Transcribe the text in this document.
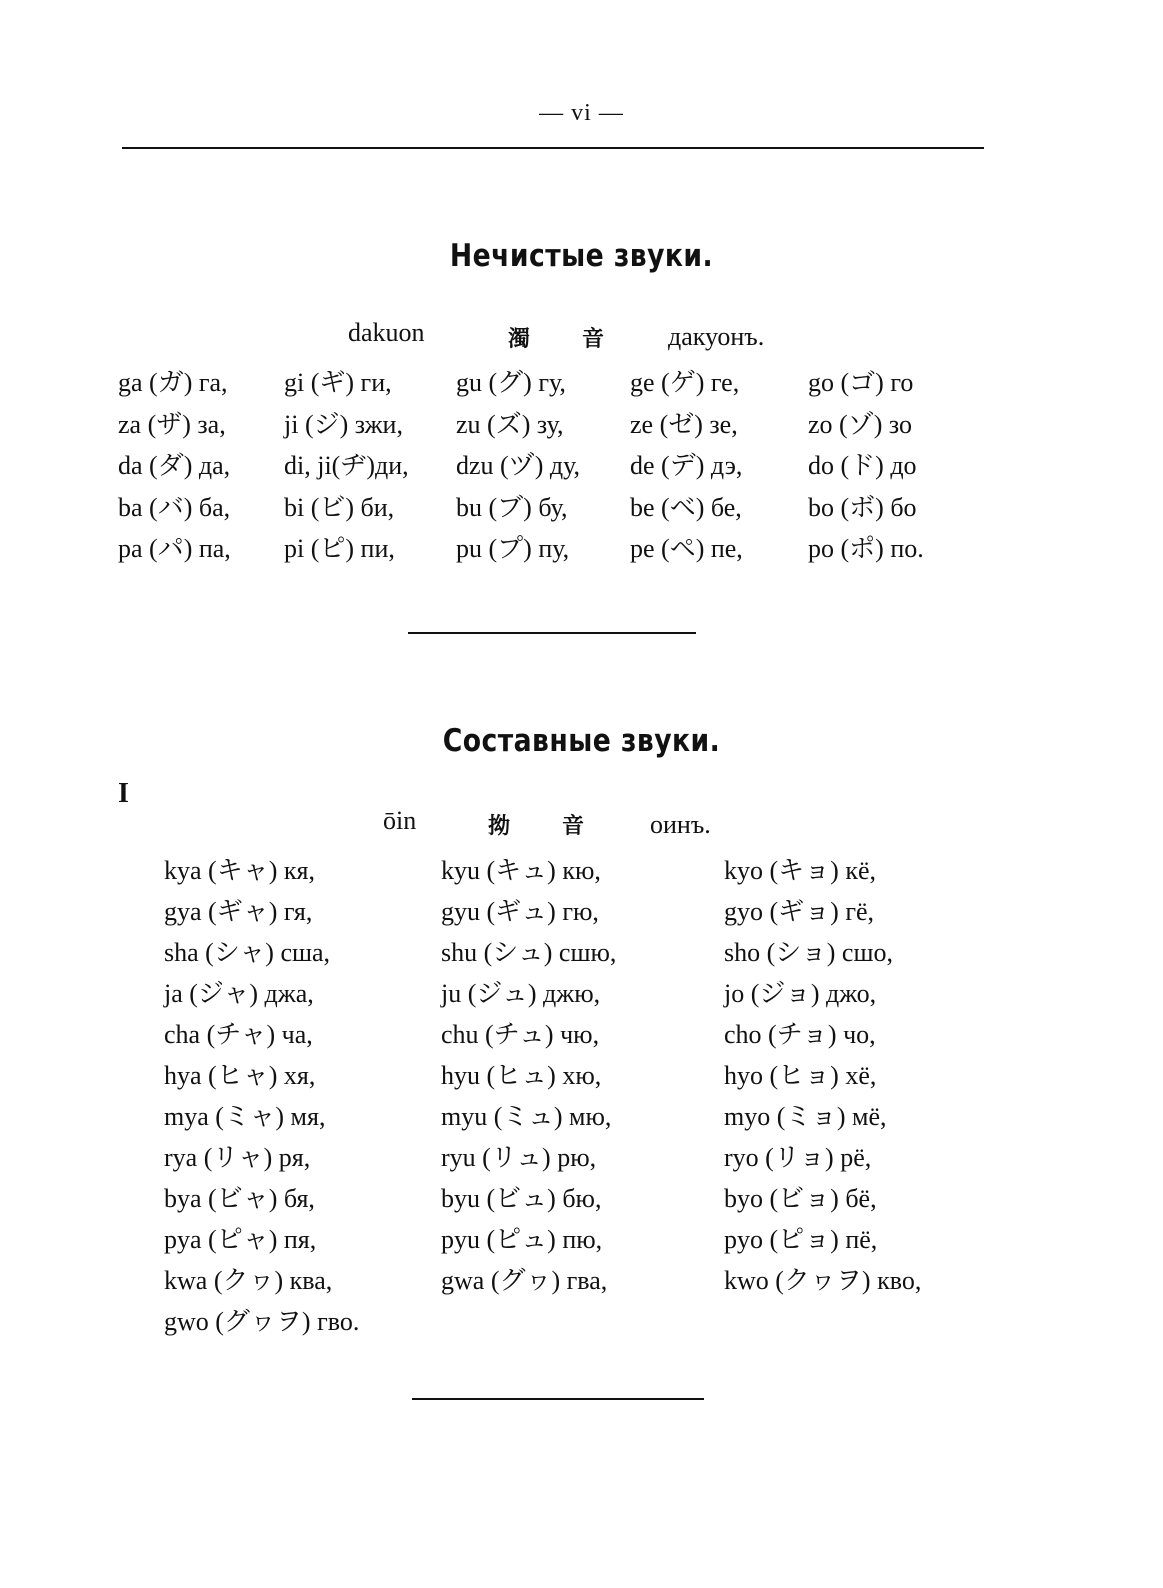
— vi —
Нечистые звуки.
dakuon	濁 音 дакуонъ.
ga (ガ) га, gi (ギ) ги, gu (グ) гу, ge (ゲ) ге,	go (ゴ) го
za (ザ) за, ji (ジ) зжи, zu (ズ) зу,	ze (ゼ) зе,	zo (ゾ) зо
da (ダ) да, di, ji(ヂ)ди, dzu (ヅ) ду, de (デ) дэ,	do (ド) до
ba (バ) ба, bi (ビ) би, bu (ブ) бу, be (ベ) бе,	bo (ボ) бо
pa (パ) па, pi (ピ) пи, pu (プ) пу, pe (ペ) пе,	po (ポ) по.
Составные звуки.
I
ōin	拗 音	оинъ.
kya (キャ) кя,	kyu (キュ) кю,	kyo (キョ) кё,
gya (ギャ) гя,	gyu (ギュ) гю,	gyo (ギョ) гё,
sha (シャ) сша,	shu (シュ) сшю,	sho (ショ) сшо,
ja (ジャ) джа,	ju (ジュ) джю,	jo (ジョ) джо,
cha (チャ) ча,	chu (チュ) чю,	cho (チョ) чо,
hya (ヒャ) хя,	hyu (ヒュ) хю,	hyo (ヒョ) хё,
mya (ミャ) мя,	myu (ミュ) мю,	myo (ミョ) мё,
rya (リャ) ря,	ryu (リュ) рю,	ryo (リョ) рё,
bya (ビャ) бя,	byu (ビュ) бю,	byo (ビョ) бё,
pya (ピャ) пя,	pyu (ピュ) пю,	pyo (ピョ) пё,
kwa (クヮ) ква,	gwa (グヮ) гва,	kwo (クヮヲ) кво,
gwo (グヮヲ) гво.
